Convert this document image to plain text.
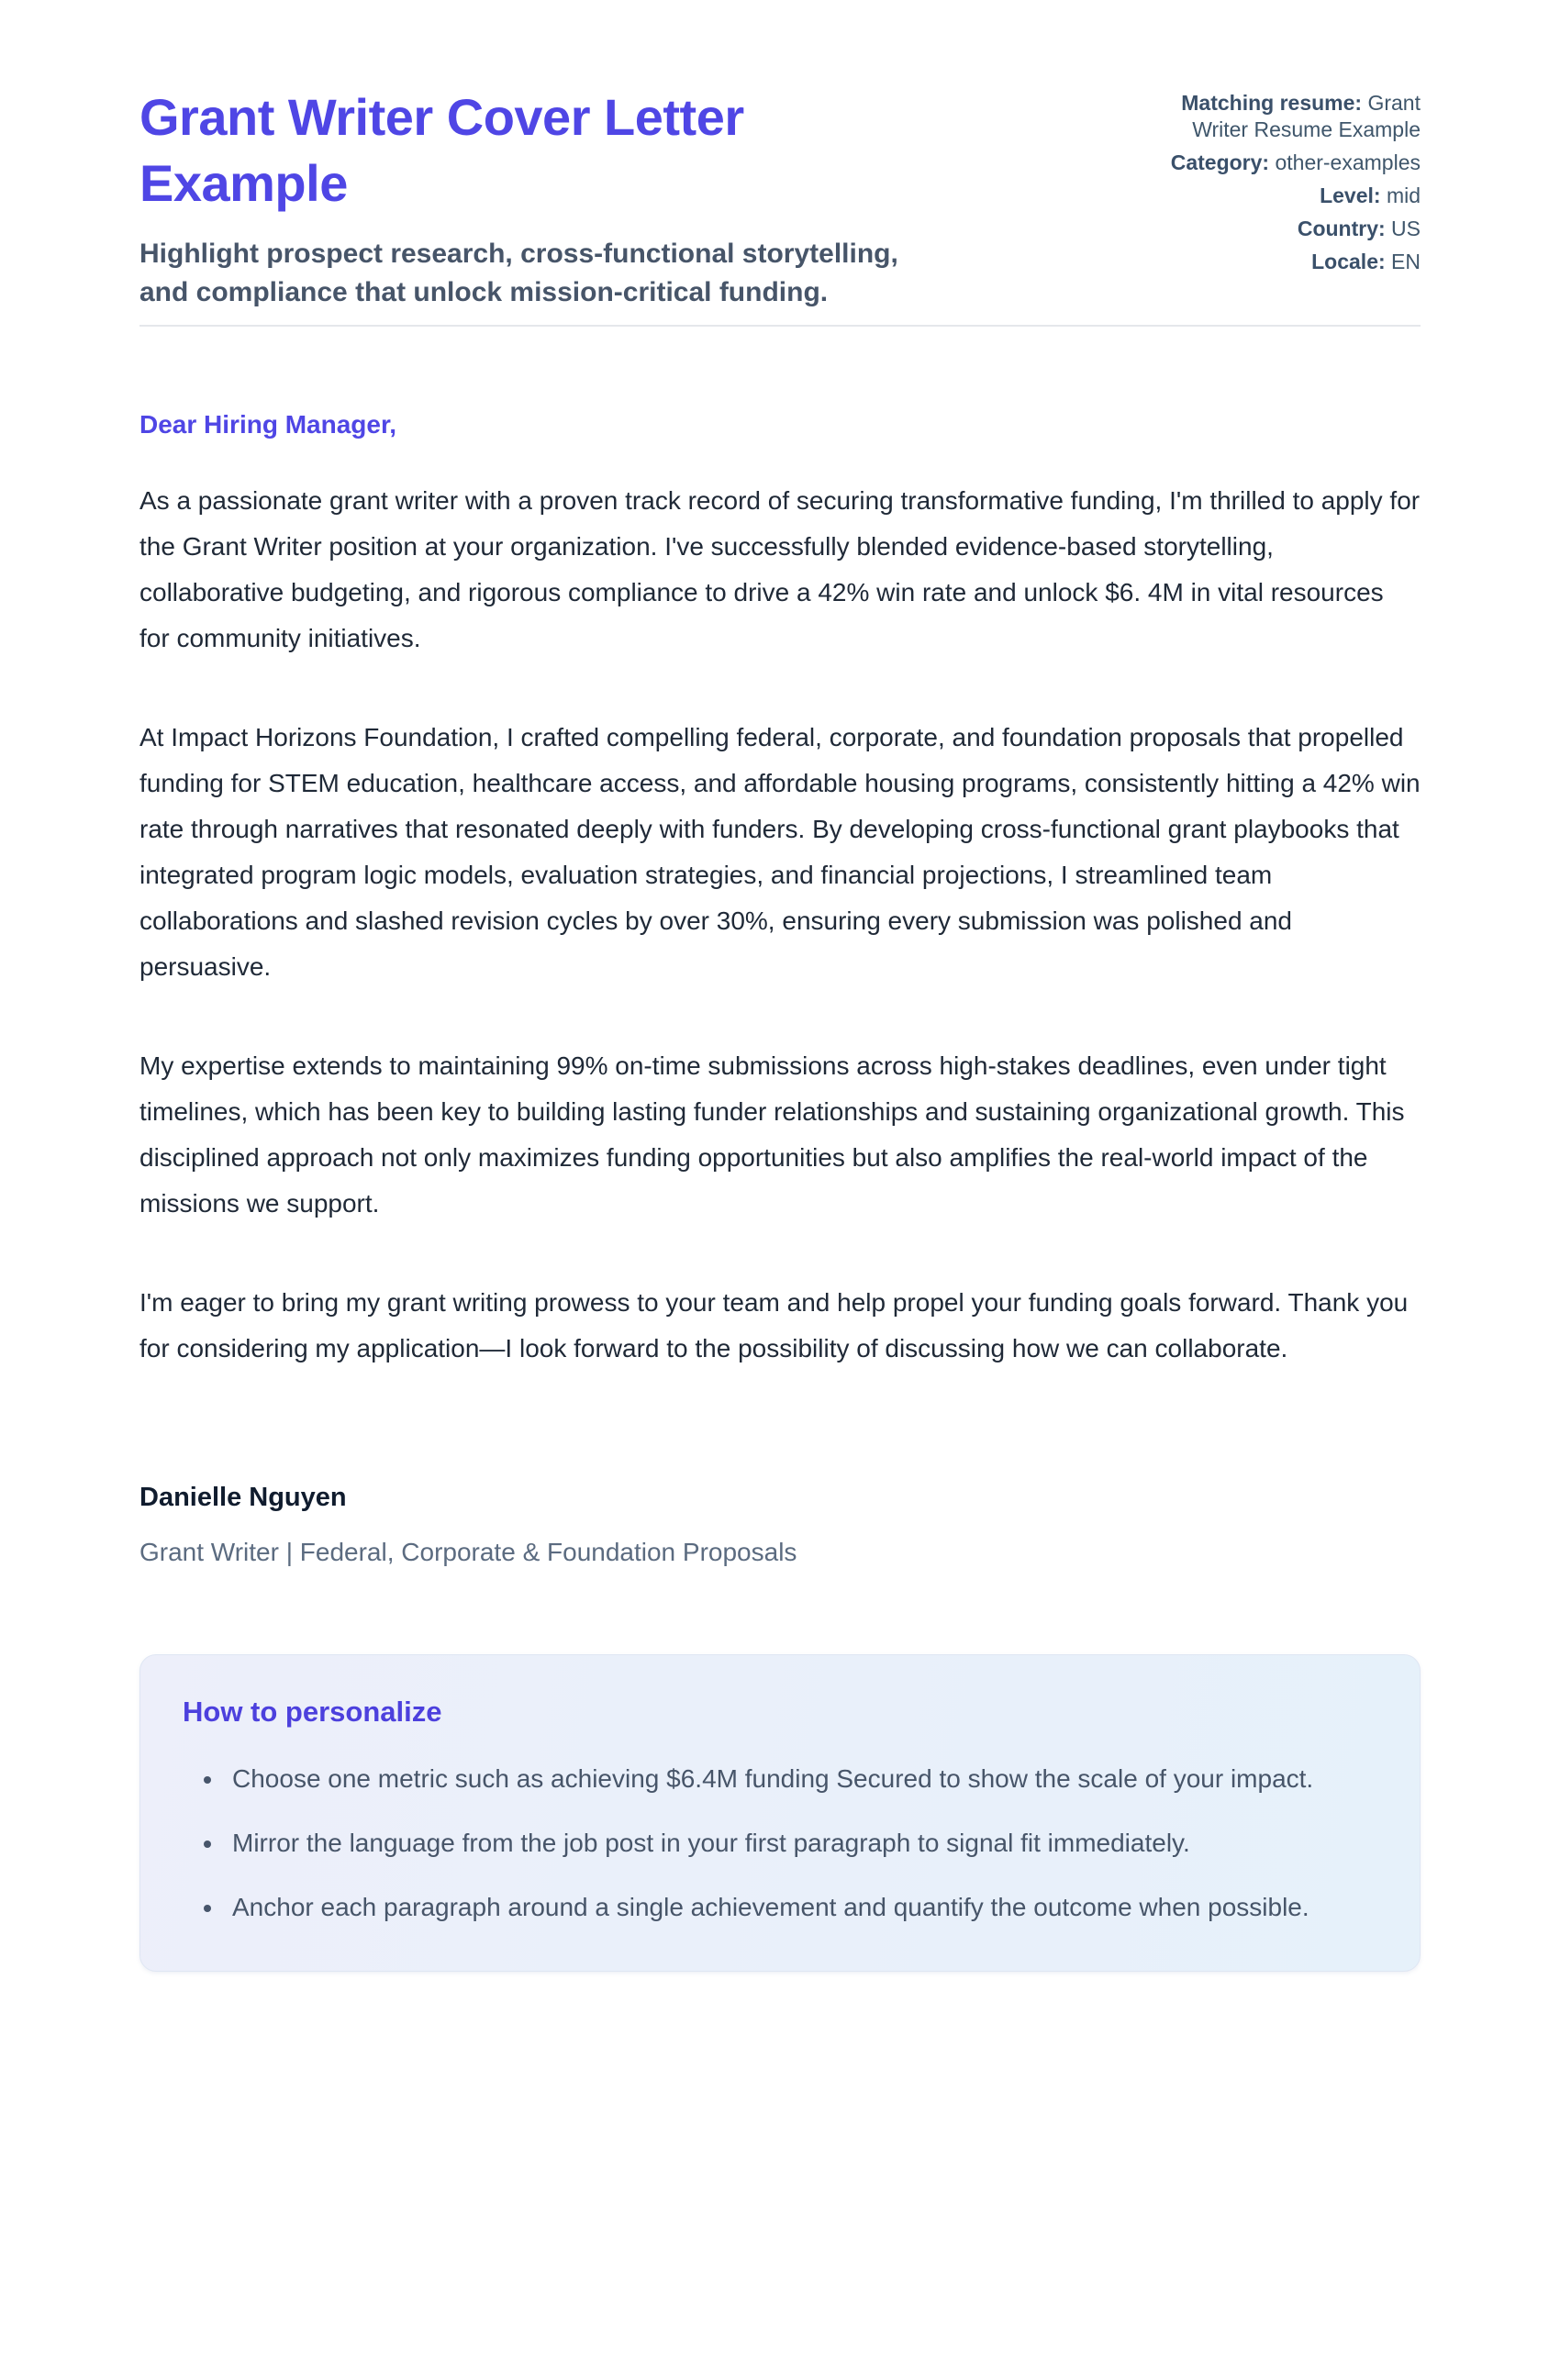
Grant Writer Cover Letter Example

Highlight prospect research, cross-functional storytelling, and compliance that unlock mission-critical funding.

Matching resume: Grant Writer Resume Example
Category: other-examples
Level: mid
Country: US
Locale: EN

Dear Hiring Manager,

As a passionate grant writer with a proven track record of securing transformative funding, I'm thrilled to apply for the Grant Writer position at your organization. I've successfully blended evidence-based storytelling, collaborative budgeting, and rigorous compliance to drive a 42% win rate and unlock $6. 4M in vital resources for community initiatives.

At Impact Horizons Foundation, I crafted compelling federal, corporate, and foundation proposals that propelled funding for STEM education, healthcare access, and affordable housing programs, consistently hitting a 42% win rate through narratives that resonated deeply with funders. By developing cross-functional grant playbooks that integrated program logic models, evaluation strategies, and financial projections, I streamlined team collaborations and slashed revision cycles by over 30%, ensuring every submission was polished and persuasive.

My expertise extends to maintaining 99% on-time submissions across high-stakes deadlines, even under tight timelines, which has been key to building lasting funder relationships and sustaining organizational growth. This disciplined approach not only maximizes funding opportunities but also amplifies the real-world impact of the missions we support.

I'm eager to bring my grant writing prowess to your team and help propel your funding goals forward. Thank you for considering my application—I look forward to the possibility of discussing how we can collaborate.

Danielle Nguyen

Grant Writer | Federal, Corporate & Foundation Proposals

How to personalize
• Choose one metric such as achieving $6.4M funding Secured to show the scale of your impact.
• Mirror the language from the job post in your first paragraph to signal fit immediately.
• Anchor each paragraph around a single achievement and quantify the outcome when possible.
